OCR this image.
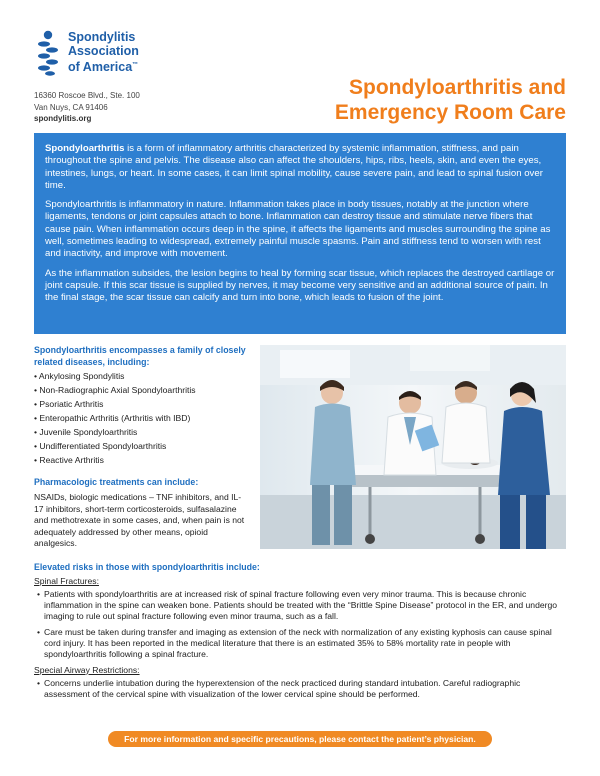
Spondylitis
Association
of America™
16360 Roscoe Blvd., Ste. 100
Van Nuys, CA 91406
spondylitis.org
Spondyloarthritis and
Emergency Room Care

Spondyloarthritis is a form of inflammatory arthritis characterized by systemic inflammation, stiffness, and pain throughout the spine and pelvis. The disease also can affect the shoulders, hips, ribs, heels, skin, and even the eyes, intestines, lungs, or heart. In some cases, it can limit spinal mobility, cause severe pain, and lead to spinal fusion over time.

Spondyloarthritis is inflammatory in nature. Inflammation takes place in body tissues, notably at the junction where ligaments, tendons or joint capsules attach to bone. Inflammation can destroy tissue and stimulate nerve fibers that cause pain. When inflammation occurs deep in the spine, it affects the ligaments and muscles surrounding the spine as well, sometimes leading to widespread, extremely painful muscle spasms. Pain and stiffness tend to worsen with rest and inactivity, and improve with movement.

As the inflammation subsides, the lesion begins to heal by forming scar tissue, which replaces the destroyed cartilage or joint capsule. If this scar tissue is supplied by nerves, it may become very sensitive and an additional source of pain. In the final stage, the scar tissue can calcify and turn into bone, which leads to fusion of the joint.

Spondyloarthritis encompasses a family of closely related diseases, including:
• Ankylosing Spondylitis
• Non-Radiographic Axial Spondyloarthritis
• Psoriatic Arthritis
• Enteropathic Arthritis (Arthritis with IBD)
• Juvenile Spondyloarthritis
• Undifferentiated Spondyloarthritis
• Reactive Arthritis
Pharmacologic treatments can include:
NSAIDs, biologic medications – TNF inhibitors, and IL-17 inhibitors, short-term corticosteroids, sulfasalazine and methotrexate in some cases, and, when pain is not adequately addressed by other means, opioid analgesics.
Elevated risks in those with spondyloarthritis include:
Spinal Fractures:
• Patients with spondyloarthritis are at increased risk of spinal fracture following even very minor trauma. This is because chronic inflammation in the spine can weaken bone. Patients should be treated with the “Brittle Spine Disease” protocol in the ER, and undergo imaging to rule out spinal fracture following even minor trauma, such as a fall.
• Care must be taken during transfer and imaging as extension of the neck with normalization of any existing kyphosis can cause spinal cord injury. It has been reported in the medical literature that there is an estimated 35% to 58% mortality rate in people with spondyloarthritis following a spinal fracture.
Special Airway Restrictions:
• Concerns underlie intubation during the hyperextension of the neck practiced during standard intubation. Careful radiographic assessment of the cervical spine with visualization of the lower cervical spine should be performed.
For more information and specific precautions, please contact the patient’s physician.
